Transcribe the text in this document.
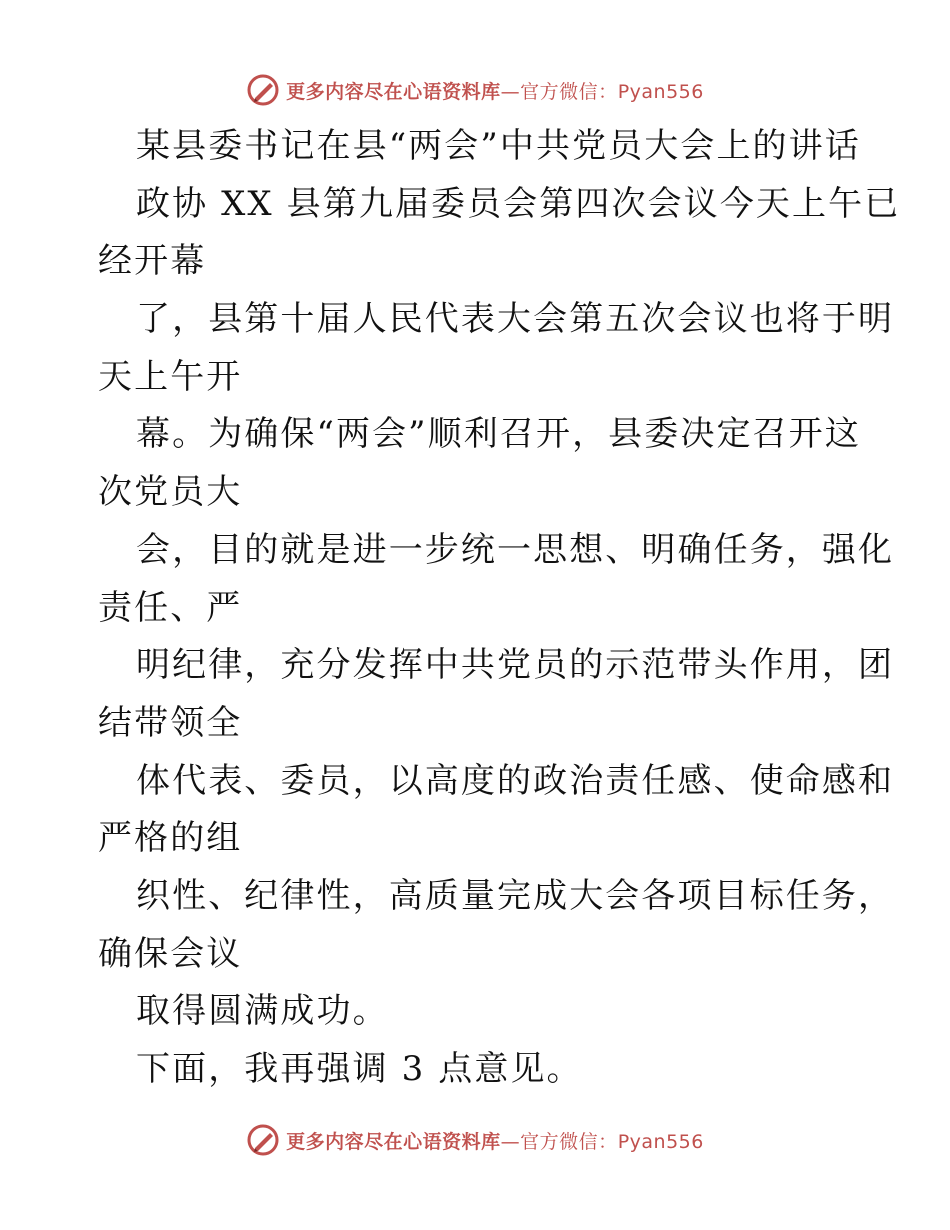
更多内容尽在心语资料库—官方微信：Pyan556
某县委书记在县“两会”中共党员大会上的讲话
政协 XX 县第九届委员会第四次会议今天上午已
经开幕
了，县第十届人民代表大会第五次会议也将于明
天上午开
幕。为确保“两会”顺利召开，县委决定召开这
次党员大
会，目的就是进一步统一思想、明确任务，强化
责任、严
明纪律，充分发挥中共党员的示范带头作用，团
结带领全
体代表、委员，以高度的政治责任感、使命感和
严格的组
织性、纪律性，高质量完成大会各项目标任务，
确保会议
取得圆满成功。
下面，我再强调 3 点意见。
更多内容尽在心语资料库—官方微信：Pyan556
